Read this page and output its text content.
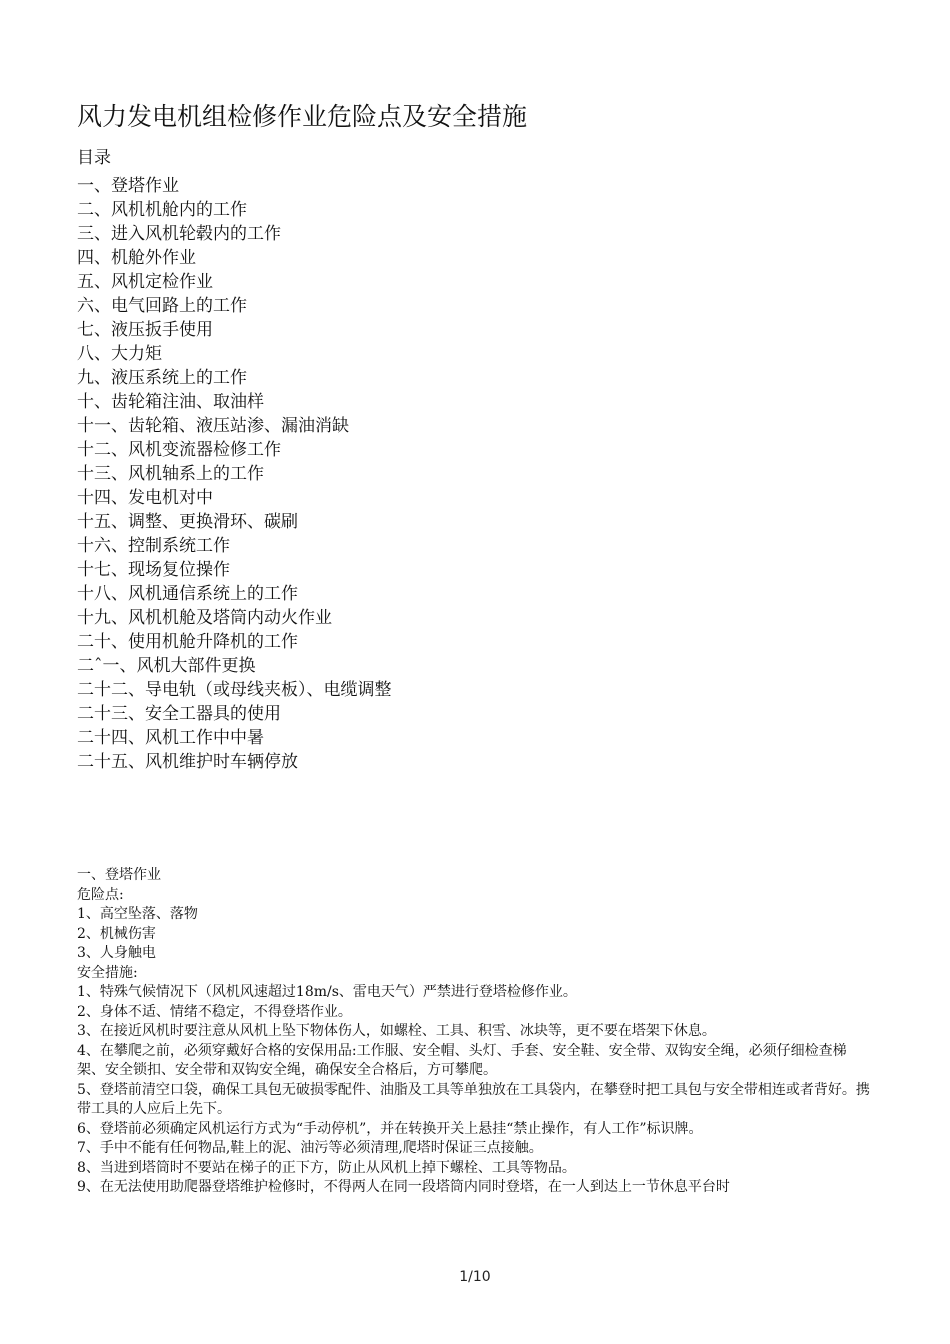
风力发电机组检修作业危险点及安全措施
目录
一、登塔作业
二、风机机舱内的工作
三、进入风机轮毂内的工作
四、机舱外作业
五、风机定检作业
六、电气回路上的工作
七、液压扳手使用
八、大力矩
九、液压系统上的工作
十、齿轮箱注油、取油样
十一、齿轮箱、液压站渗、漏油消缺
十二、风机变流器检修工作
十三、风机轴系上的工作
十四、发电机对中
十五、调整、更换滑环、碳刷
十六、控制系统工作
十七、现场复位操作
十八、风机通信系统上的工作
十九、风机机舱及塔筒内动火作业
二十、使用机舱升降机的工作
二ˆ一、风机大部件更换
二十二、导电轨（或母线夹板）、电缆调整
二十三、安全工器具的使用
二十四、风机工作中中暑
二十五、风机维护时车辆停放
一、登塔作业
危险点:
1、高空坠落、落物
2、机械伤害
3、人身触电
安全措施:
1、特殊气候情况下（风机风速超过18m/s、雷电天气）严禁进行登塔检修作业。
2、身体不适、情绪不稳定，不得登塔作业。
3、在接近风机时要注意从风机上坠下物体伤人，如螺栓、工具、积雪、冰块等，更不要在塔架下休息。
4、在攀爬之前，必须穿戴好合格的安保用品:工作服、安全帽、头灯、手套、安全鞋、安全带、双钩安全绳，必须仔细检查梯架、安全锁扣、安全带和双钩安全绳，确保安全合格后，方可攀爬。
5、登塔前清空口袋，确保工具包无破损零配件、油脂及工具等单独放在工具袋内，在攀登时把工具包与安全带相连或者背好。携带工具的人应后上先下。
6、登塔前必须确定风机运行方式为“手动停机”，并在转换开关上悬挂“禁止操作，有人工作”标识牌。
7、手中不能有任何物品,鞋上的泥、油污等必须清理,爬塔时保证三点接触。
8、当进到塔筒时不要站在梯子的正下方，防止从风机上掉下螺栓、工具等物品。
9、在无法使用助爬器登塔维护检修时，不得两人在同一段塔筒内同时登塔，在一人到达上一节休息平台时
1/10
